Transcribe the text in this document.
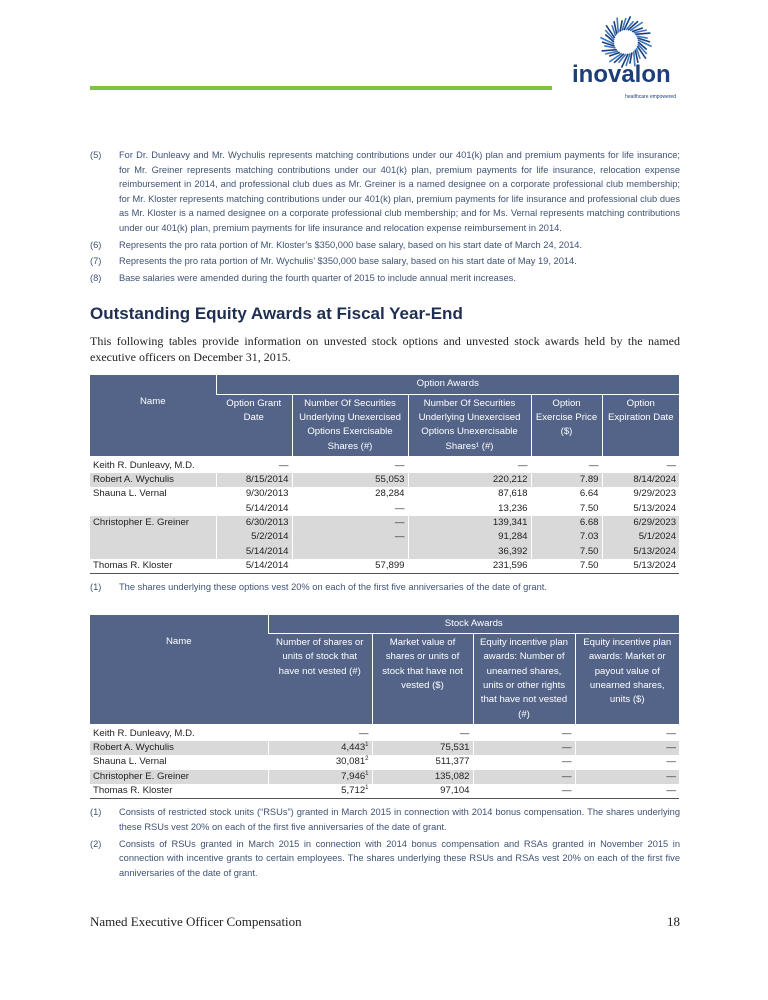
inovalon
healthcare empowered
(5)	For Dr. Dunleavy and Mr. Wychulis represents matching contributions under our 401(k) plan and premium payments for life insurance; for Mr. Greiner represents matching contributions under our 401(k) plan, premium payments for life insurance, relocation expense reimbursement in 2014, and professional club dues as Mr. Greiner is a named designee on a corporate professional club membership; for Mr. Kloster represents matching contributions under our 401(k) plan, premium payments for life insurance and professional club dues as Mr. Kloster is a named designee on a corporate professional club membership; and for Ms. Vernal represents matching contributions under our 401(k) plan, premium payments for life insurance and relocation expense reimbursement in 2014.
(6)	Represents the pro rata portion of Mr. Kloster’s $350,000 base salary, based on his start date of March 24, 2014.
(7)	Represents the pro rata portion of Mr. Wychulis’ $350,000 base salary, based on his start date of May 19, 2014.
(8)	Base salaries were amended during the fourth quarter of 2015 to include annual merit increases.
Outstanding Equity Awards at Fiscal Year-End
This following tables provide information on unvested stock options and unvested stock awards held by the named executive officers on December 31, 2015.
Name	Option Awards				
	Option Grant Date	Number Of Securities Underlying Unexercised Options Exercisable Shares (#)	Number Of Securities Underlying Unexercised Options Unexercisable Shares¹ (#)	Option Exercise Price ($)	Option Expiration Date
Keith R. Dunleavy, M.D.	—	—	—	—	—
Robert A. Wychulis	8/15/2014	55,053	220,212	7.89	8/14/2024
Shauna L. Vernal	9/30/2013	28,284	87,618	6.64	9/29/2023
	5/14/2014	—	13,236	7.50	5/13/2024
Christopher E. Greiner	6/30/2013	—	139,341	6.68	6/29/2023
	5/2/2014	—	91,284	7.03	5/1/2024
	5/14/2014		36,392	7.50	5/13/2024
Thomas R. Kloster	5/14/2014	57,899	231,596	7.50	5/13/2024
(1)	The shares underlying these options vest 20% on each of the first five anniversaries of the date of grant.
Name	Stock Awards			
	Number of shares or units of stock that have not vested (#)	Market value of shares or units of stock that have not vested ($)	Equity incentive plan awards: Number of unearned shares, units or other rights that have not vested (#)	Equity incentive plan awards: Market or payout value of unearned shares, units ($)
Keith R. Dunleavy, M.D.	—	—	—	—
Robert A. Wychulis	4,443$^1$	75,531	—	—
Shauna L. Vernal	30,081$^2$	511,377	—	—
Christopher E. Greiner	7,946$^1$	135,082	—	—
Thomas R. Kloster	5,712$^1$	97,104	—	—
(1)	Consists of restricted stock units (“RSUs”) granted in March 2015 in connection with 2014 bonus compensation. The shares underlying these RSUs vest 20% on each of the first five anniversaries of the date of grant.
(2)	Consists of RSUs granted in March 2015 in connection with 2014 bonus compensation and RSAs granted in November 2015 in connection with incentive grants to certain employees. The shares underlying these RSUs and RSAs vest 20% on each of the first five anniversaries of the date of grant.
Named Executive Officer Compensation	18
